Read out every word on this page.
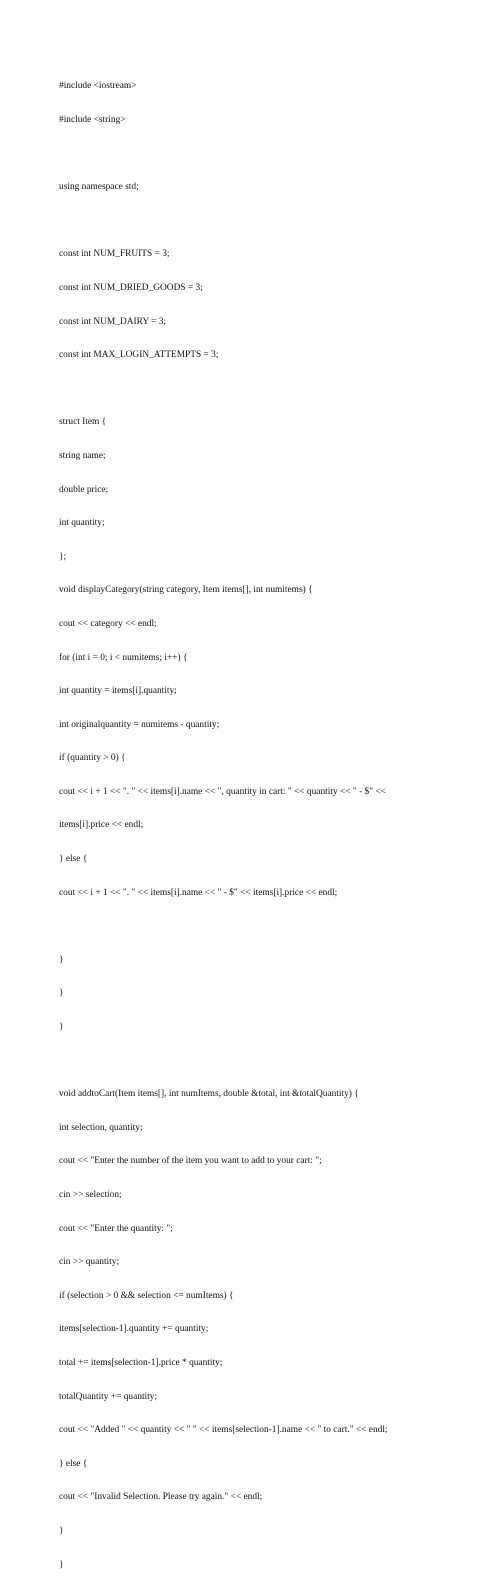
#include <iostream>

#include <string>

using namespace std;

const int NUM_FRUITS = 3;

const int NUM_DRIED_GOODS = 3;

const int NUM_DAIRY = 3;

const int MAX_LOGIN_ATTEMPTS = 3;

struct Item {

string name;

double price;

int quantity;

};

void displayCategory(string category, Item items[], int numitems) {

cout << category << endl;

for (int i = 0; i < numitems; i++) {

int quantity = items[i].quantity;

int originalquantity = numitems - quantity;

if (quantity > 0) {

cout << i + 1 << ". " << items[i].name << ", quantity in cart: " << quantity << " - $" <<

items[i].price << endl;

} else {

cout << i + 1 << ". " << items[i].name << " - $" << items[i].price << endl;

}

}

}

void addtoCart(Item items[], int numItems, double &total, int &totalQuantity) {

int selection, quantity;

cout << "Enter the number of the item you want to add to your cart: ";

cin >> selection;

cout << "Enter the quantity: ";

cin >> quantity;

if (selection > 0 && selection <= numItems) {

items[selection-1].quantity += quantity;

total += items[selection-1].price * quantity;

totalQuantity += quantity;

cout << "Added " << quantity << " " << items[selection-1].name << " to cart." << endl;

} else {

cout << "Invalid Selection. Please try again." << endl;

}

}
